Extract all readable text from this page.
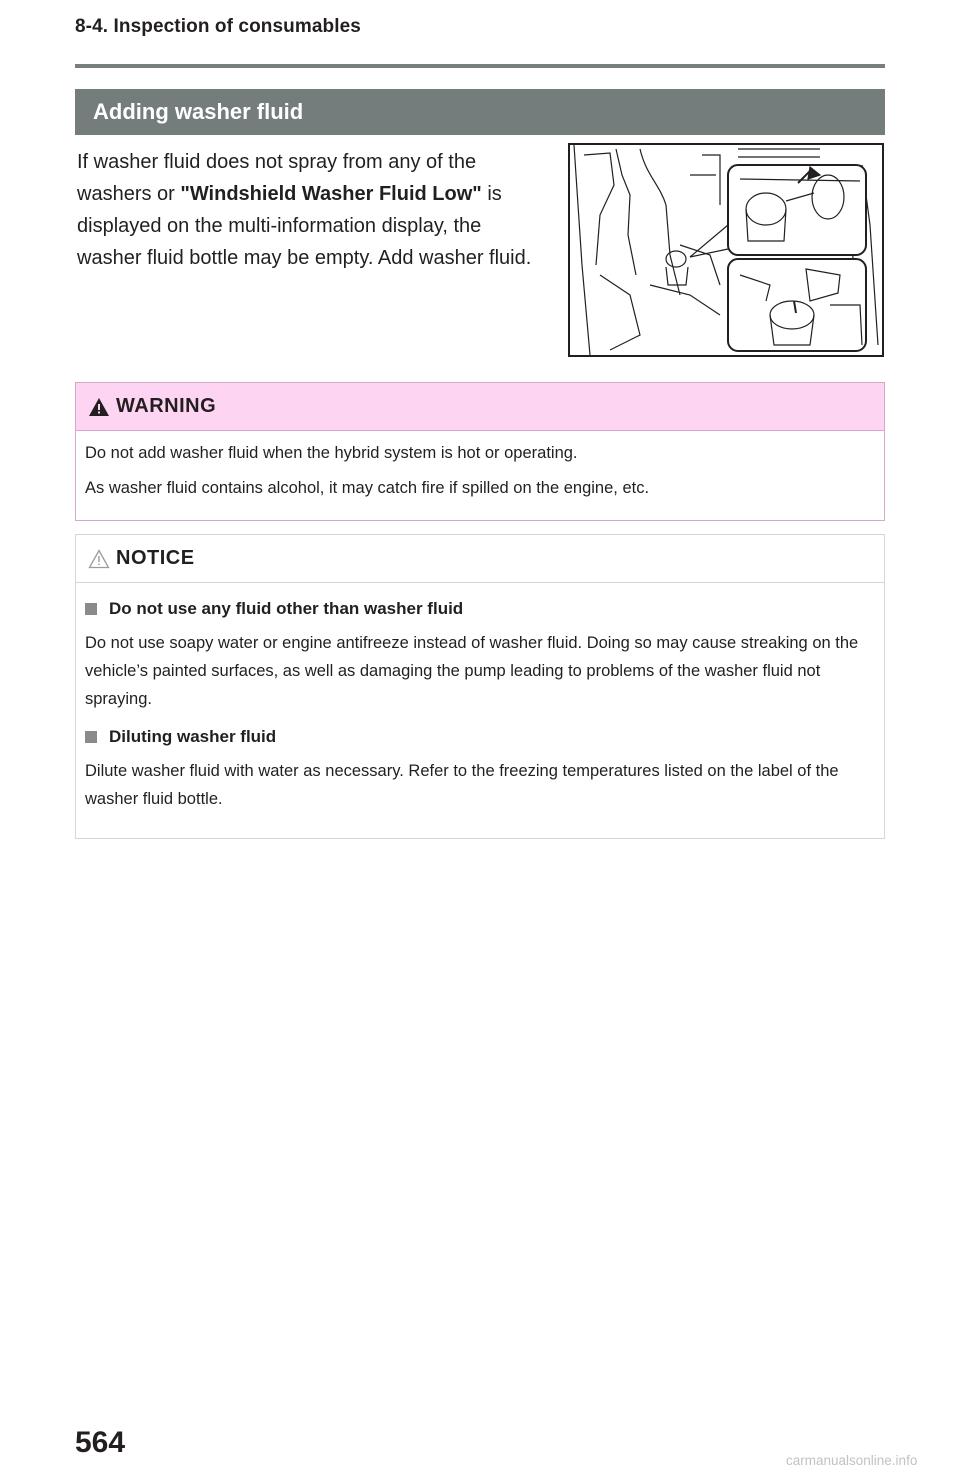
8-4. Inspection of consumables
Adding washer fluid
If washer fluid does not spray from any of the washers or "Windshield Washer Fluid Low" is displayed on the multi-information display, the washer fluid bottle may be empty. Add washer fluid.
WARNING

Do not add washer fluid when the hybrid system is hot or operating.

As washer fluid contains alcohol, it may catch fire if spilled on the engine, etc.

NOTICE
Do not use any fluid other than washer fluid

Do not use soapy water or engine antifreeze instead of washer fluid. Doing so may cause streaking on the vehicle’s painted surfaces, as well as damaging the pump leading to problems of the washer fluid not spraying.

Diluting washer fluid

Dilute washer fluid with water as necessary. Refer to the freezing temperatures listed on the label of the washer fluid bottle.

564
carmanualsonline.info
